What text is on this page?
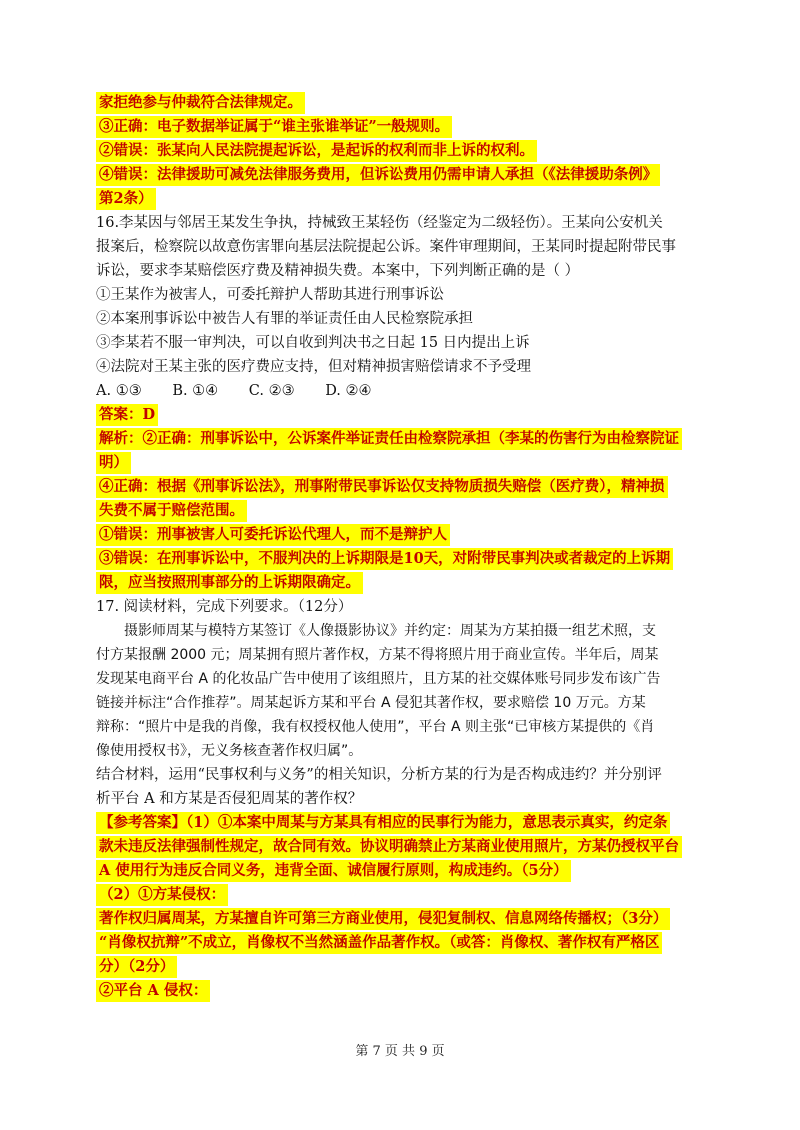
家拒绝参与仲裁符合法律规定。
③正确：电子数据举证属于“谁主张谁举证”一般规则。
②错误：张某向人民法院提起诉讼，是起诉的权利而非上诉的权利。
④错误：法律援助可减免法律服务费用，但诉讼费用仍需申请人承担（《法律援助条例》
第2条）
16.李某因与邻居王某发生争执，持械致王某轻伤（经鉴定为二级轻伤）。王某向公安机关
报案后，检察院以故意伤害罪向基层法院提起公诉。案件审理期间，王某同时提起附带民事
诉讼，要求李某赔偿医疗费及精神损失费。本案中，下列判断正确的是（ ）
①王某作为被害人，可委托辩护人帮助其进行刑事诉讼
②本案刑事诉讼中被告人有罪的举证责任由人民检察院承担
③李某若不服一审判决，可以自收到判决书之日起 15 日内提出上诉
④法院对王某主张的医疗费应支持，但对精神损害赔偿请求不予受理
A. ①③ B. ①④ C. ②③ D. ②④
答案：D
解析：②正确：刑事诉讼中，公诉案件举证责任由检察院承担（李某的伤害行为由检察院证
明）
④正确：根据《刑事诉讼法》，刑事附带民事诉讼仅支持物质损失赔偿（医疗费），精神损
失费不属于赔偿范围。
①错误：刑事被害人可委托诉讼代理人，而不是辩护人
③错误：在刑事诉讼中，不服判决的上诉期限是10天，对附带民事判决或者裁定的上诉期
限，应当按照刑事部分的上诉期限确定。
17. 阅读材料，完成下列要求。（12分）
摄影师周某与模特方某签订《人像摄影协议》并约定：周某为方某拍摄一组艺术照，支
付方某报酬 2000 元；周某拥有照片著作权，方某不得将照片用于商业宣传。半年后，周某
发现某电商平台 A 的化妆品广告中使用了该组照片，且方某的社交媒体账号同步发布该广告
链接并标注“合作推荐”。周某起诉方某和平台 A 侵犯其著作权，要求赔偿 10 万元。方某
辩称：“照片中是我的肖像，我有权授权他人使用”，平台 A 则主张“已审核方某提供的《肖
像使用授权书》，无义务核查著作权归属”。
结合材料，运用“民事权利与义务”的相关知识，分析方某的行为是否构成违约？并分别评
析平台 A 和方某是否侵犯周某的著作权？
【参考答案】（1）①本案中周某与方某具有相应的民事行为能力，意思表示真实，约定条
款未违反法律强制性规定，故合同有效。协议明确禁止方某商业使用照片，方某仍授权平台
A 使用行为违反合同义务，违背全面、诚信履行原则，构成违约。（5分）
（2）①方某侵权：
著作权归属周某，方某擅自许可第三方商业使用，侵犯复制权、信息网络传播权；（3分）
“肖像权抗辩”不成立，肖像权不当然涵盖作品著作权。（或答：肖像权、著作权有严格区
分）（2分）
②平台 A 侵权：
第 7 页 共 9 页
